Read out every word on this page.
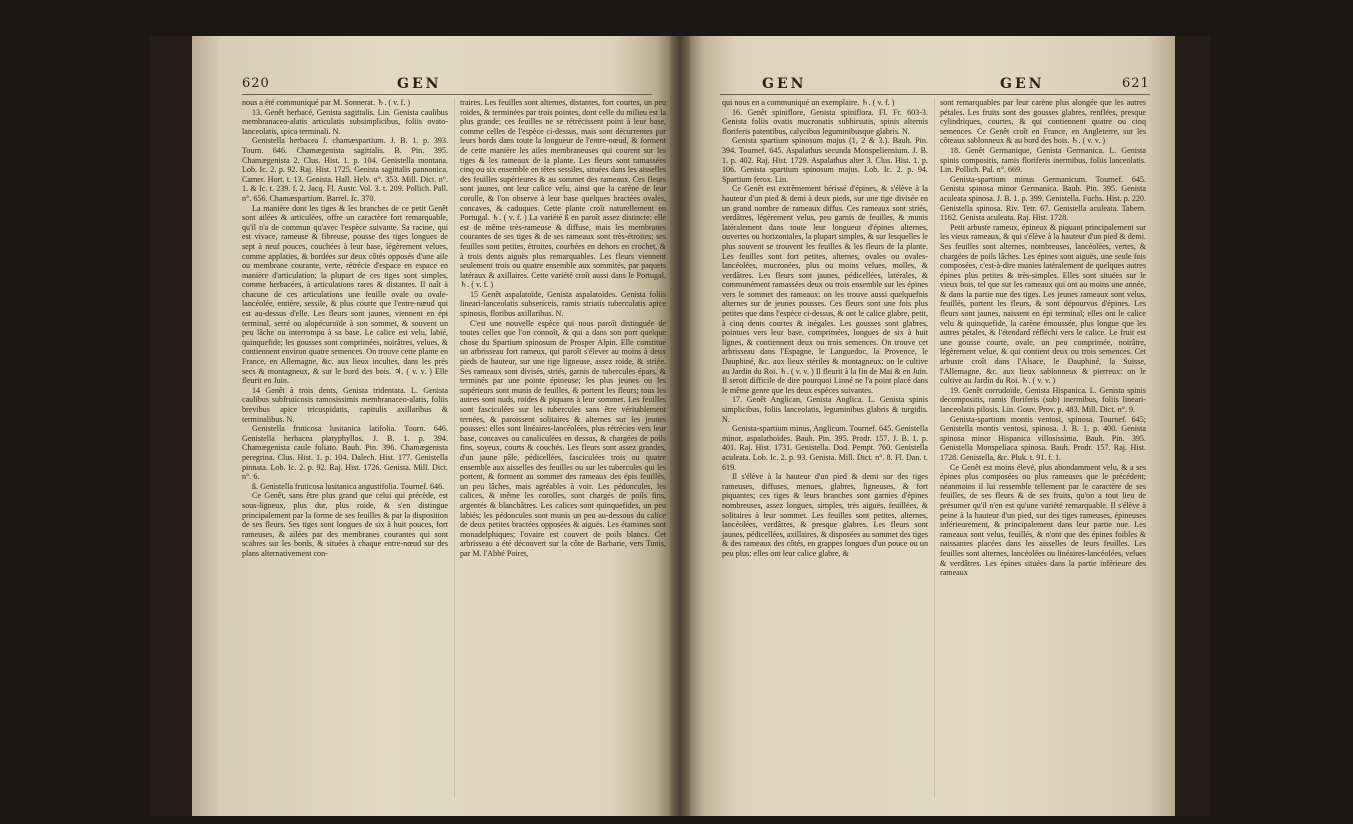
620	GEN

nous a été communiqué par M. Sonnerat. ♄. ( v. f. )

13. Genêt herbacé, Genista sagittalis. Lin. Genista caulibus membranaceo-alatis articulatis subsimplicibus, foliis ovato-lanceolatis, spica terminali. N.

Genistella herbacea f. chamæspartium. J. B. 1. p. 393. Tourn. 646. Chamægenista sagittalis. B. Pin. 395. Chamægenista 2. Clus. Hist. 1. p. 104. Genistella montana. Lob. Ic. 2. p. 92. Raj. Hist. 1725. Genista sagittalis pannonica. Camer. Hort. t. 13. Genista. Hall. Helv. n°. 353. Mill. Dict. n°. 1. & Ic. t. 239. f. 2. Jacq. Fl. Austr. Vol. 3. t. 209. Pollich. Pall. n°. 656. Chamæspartium. Barrel. Ic. 370.

La manière dont les tiges & les branches de ce petit Genêt sont ailées & articulées, offre un caractère fort remarquable, qu'il n'a de commun qu'avec l'espèce suivante. Sa racine, qui est vivace, rameuse & fibreuse, pousse des tiges longues de sept à neuf pouces, couchées à leur base, légèrement velues, comme applaties, & bordées sur deux côtés opposés d'une aile ou membrane courante, verte, rétrécie d'espace en espace en manière d'articulation; la plupart de ces tiges sont simples, comme herbacées, à articulations rares & distantes. Il naît à chacune de ces articulations une feuille ovale ou ovale-lancéolée, entière, sessile, & plus courte que l'entre-nœud qui est au-dessus d'elle. Les fleurs sont jaunes, viennent en épi terminal, serré ou alopécuroïde à son sommet, & souvent un peu lâche ou interrompu à sa base. Le calice est velu, labié, quinquefide; les gousses sont comprimées, noirâtres, velues, & contiennent environ quatre semences. On trouve cette plante en France, en Allemagne, &c. aux lieux incultes, dans les prés secs & montagneux, & sur le bord des bois. ♃. ( v. v. ) Elle fleurit en Juin.

14 Genêt à trois dents, Genista tridentata. L. Genista caulibus subfruticosis ramosissimis membranaceo-alatis, foliis brevibus apice tricuspidatis, capitulis axillaribus & terminalibus. N.

Genistella fruticosa lusitanica latifolia. Tourn. 646. Genistella herbacea platyphyllos. J. B. 1. p. 394. Chamægenista caule foliato. Bauh. Pin. 396. Chamægenista peregrina. Clus. Hist. 1. p. 104. Dalech. Hist. 177. Genistella pinnata. Lob. Ic. 2. p. 92. Raj. Hist. 1726. Genista. Mill. Dict. n°. 6.

ß. Genistella fruticosa lusitanica angustifolia. Tournef. 646.

Ce Genêt, sans être plus grand que celui qui précède, est sous-ligneux, plus dur, plus roide, & s'en distingue principalement par la forme de ses feuilles & par la disposition de ses fleurs. Ses tiges sont longues de six à huit pouces, fort rameuses, & ailées par des membranes courantes qui sont scabres sur les bords, & situées à chaque entre-nœud sur des plans alternativement con-

traires. Les feuilles sont alternes, distantes, fort courtes, un peu roides, & terminées par trois pointes, dont celle du milieu est la plus grande; ces feuilles ne se rétrécissent point à leur base, comme celles de l'espèce ci-dessus, mais sont décurrentes par leurs bords dans toute la longueur de l'entre-nœud, & forment de cette manière les ailes membraneuses qui courent sur les tiges & les rameaux de la plante. Les fleurs sont ramassées cinq ou six ensemble en têtes sessiles, situées dans les aisselles des feuilles supérieures & au sommet des rameaux. Ces fleurs sont jaunes, ont leur calice velu, ainsi que la carène de leur corolle, & l'on observe à leur base quelques bractées ovales, concaves, & caduques. Cette plante croît naturellement en Portugal. ♄. ( v. f. ) La variété ß en paroît assez distincte: elle est de même très-rameuse & diffuse, mais les membranes courantes de ses tiges & de ses rameaux sont très-étroites; ses feuilles sont petites, étroites, courbées en dehors en crochet, & à trois dents aiguës plus remarquables. Les fleurs viennent seulement trois ou quatre ensemble aux sommités, par paquets latéraux & axillaires. Cette variété croît aussi dans le Portugal. ♄. ( v. f. )

15 Genêt aspalatoïde, Genista aspalatoïdes. Genista foliis lineari-lanceolatis subsericeis, ramis striatis tuberculatis apice spinosis, floribus axillaribus. N.

C'est une nouvelle espèce qui nous paroît distinguée de toutes celles que l'on connoît, & qui a dans son port quelque chose du Spartium spinosum de Prosper Alpin. Elle constitue un arbrisseau fort rameux, qui paroît s'élever au moins à deux pieds de hauteur, sur une tige ligneuse, assez roide, & striée. Ses rameaux sont divisés, striés, garnis de tubercules épars, & terminés par une pointe épineuse; les plus jeunes ou les supérieurs sont munis de feuilles, & portent les fleurs; tous les autres sont nuds, roides & piquans à leur sommet. Les feuilles sont fasciculées sur les tubercules sans être véritablement ternées, & paroissent solitaires & alternes sur les jeunes pousses: elles sont linéaires-lancéolées, plus rétrécies vers leur base, concaves ou canaliculées en dessus, & chargées de poils fins, soyeux, courts & couchés. Les fleurs sont assez grandes, d'un jaune pâle, pédicellées, fasciculées trois ou quatre ensemble aux aisselles des feuilles ou sur les tubercules qui les portent, & forment au sommet des rameaux des épis feuillés, un peu lâches, mais agréables à voir. Les pédoncules, les calices, & même les corolles, sont chargés de poils fins, argentés & blanchâtres. Les calices sont quinquefides, un peu labiés; les pédoncules sont munis un peu au-dessous du calice de deux petites bractées opposées & aiguës. Les étamines sont monadelphiques; l'ovaire est couvert de poils blancs. Cet arbrisseau a été découvert sur la côte de Barbarie, vers Tunis, par M. l'Abbé Poiret,

GEN	GEN	621

qui nous en a communiqué un exemplaire. ♄. ( v. f. )

16. Genêt spiniflore, Genista spiniflora. Fl. Fr. 603-3. Genista foliis ovatis mucronatis subhirsutis, spinis alternis floriferis patentibus, calycibus leguminibusque glabris. N.

Genista spartium spinosum majus (1, 2 & 3.). Bauh. Pin. 394. Tournef. 645. Aspalathus secunda Monspeliensium. J. B. 1. p. 402. Raj. Hist. 1729. Aspalathus alter 3. Clus. Hist. 1. p. 106. Genista spartium spinosum majus. Lob. Ic. 2. p. 94. Spartium ferox. Lin.

Ce Genêt est extrêmement hérissé d'épines, & s'élève à la hauteur d'un pied & demi à deux pieds, sur une tige divisée en un grand nombre de rameaux diffus. Ces rameaux sont striés, verdâtres, légèrement velus, peu garnis de feuilles, & munis latéralement dans toute leur longueur d'épines alternes, ouvertes ou horizontales, la plupart simples, & sur lesquelles le plus souvent se trouvent les feuilles & les fleurs de la plante. Les feuilles sont fort petites, alternes, ovales ou ovales-lancéolées, mucronées, plus ou moins velues, molles, & verdâtres. Les fleurs sont jaunes, pédicellées, latérales, & communément ramassées deux ou trois ensemble sur les épines vers le sommet des rameaux: on les trouve aussi quelquefois alternes sur de jeunes pousses. Ces fleurs sont une fois plus petites que dans l'espèce ci-dessus, & ont le calice glabre, petit, à cinq dents courtes & inégales. Les gousses sont glabres, pointues vers leur base, comprimées, longues de six à huit lignes, & contiennent deux ou trois semences. On trouve cet arbrisseau dans l'Espagne, le Languedoc, la Provence, le Dauphiné, &c. aux lieux stériles & montagneux: on le cultive au Jardin du Roi. ♄. ( v. v. ) Il fleurit à la fin de Mai & en Juin. Il seroit difficile de dire pourquoi Linné ne l'a point placé dans le même genre que les deux espèces suivantes.

17. Genêt Anglican, Genista Anglica. L. Genista spinis simplicibus, foliis lanceolatis, leguminibus glabris & turgidis. N.

Genista-spartium minus, Anglicum. Tournef. 645. Genistella minor, aspalathoïdes. Bauh. Pin. 395. Prodr. 157. J. B. 1. p. 401. Raj. Hist. 1731. Genistella. Dod. Pempt. 760. Genistella aculeata. Lob. Ic. 2. p. 93. Genista. Mill. Dict. n°. 8. Fl. Dan. t. 619.

Il s'élève à la hauteur d'un pied & demi sur des tiges rameuses, diffuses, menues, glabres, ligneuses, & fort piquantes; ces tiges & leurs branches sont garnies d'épines nombreuses, assez longues, simples, très aiguës, feuillées, & solitaires à leur sommet. Les feuilles sont petites, alternes, lancéolées, verdâtres, & presque glabres. Les fleurs sont jaunes, pédicellées, axillaires, & disposées au sommet des tiges & des rameaux des côtés, en grappes longues d'un pouce ou un peu plus: elles ont leur calice glabre, &

sont remarquables par leur carène plus alongée que les autres pétales. Les fruits sont des gousses glabres, renflées, presque cylindriques, courtes, & qui contiennent quatre ou cinq semences. Ce Genêt croît en France, en Angleterre, sur les côteaux sablonneux & au bord des bois. ♄. ( v. v. )

18. Genêt Germanique, Genista Germanica. L. Genista spinis compositis, ramis floriferis inermibus, foliis lanceolatis. Lin. Pollich. Pal. n°. 669.

Genista-spartium minus Germanicum. Tournef. 645. Genista spinosa minor Germanica. Bauh. Pin. 395. Genista aculeata spinosa. J. B. 1. p. 399. Genistella. Fuchs. Hist. p. 220. Genistella spinosa. Riv. Tetr. 67. Genistella aculeata. Tabern. 1162. Genista aculeata. Raj. Hist. 1728.

Petit arbuste rameux, épineux & piquant principalement sur les vieux rameaux, & qui s'élève à la hauteur d'un pied & demi. Ses feuilles sont alternes, nombreuses, lancéolées, vertes, & chargées de poils lâches. Les épines sont aiguës, une seule fois composées, c'est-à-dire munies latéralement de quelques autres épines plus petites & très-simples. Elles sont situées sur le vieux bois, tel que sur les rameaux qui ont au moins une année, & dans la partie nue des tiges. Les jeunes rameaux sont velus, feuillés, portent les fleurs, & sont dépourvus d'épines. Les fleurs sont jaunes, naissent en épi terminal; elles ont le calice velu & quinquefide, la carène émoussée, plus longue que les autres pétales, & l'étendard réfléchi vers le calice. Le fruit est une gousse courte, ovale, un peu comprimée, noirâtre, légèrement velue, & qui contient deux ou trois semences. Cet arbuste croît dans l'Alsace, le Dauphiné, la Suisse, l'Allemagne, &c. aux lieux sablonneux & pierreux: on le cultive au Jardin du Roi. ♄. ( v. v. )

19. Genêt corrudoïde, Genista Hispanica. L. Genista spinis decompositis, ramis floriferis (sub) inermibus, foliis lineari-lanceolatis pilosis. Lin. Gouv. Prov. p. 483. Mill. Dict. n°. 9.

Genista-spartium montis ventosi, spinosa. Tournef. 645; Genistella montis ventosi, spinosa. J. B. 1. p. 400. Genista spinosa minor Hispanica villosissima. Bauh. Pin. 395. Genistella Monspeliaca spinosa. Bauh. Prodr. 157. Raj. Hist. 1728. Genistella, &c. Pluk. t. 91. f. 1.

Ce Genêt est moins élevé, plus abondamment velu, & a ses épines plus composées ou plus rameuses que le précédent; néanmoins il lui ressemble tellement par le caractère de ses feuilles, de ses fleurs & de ses fruits, qu'on a tout lieu de présumer qu'il n'en est qu'une variété remarquable. Il s'élève à peine à la hauteur d'un pied, sur des tiges rameuses, épineuses inférieurement, & principalement dans leur partie nue. Les rameaux sont velus, feuillés, & n'ont que des épines foibles & naissantes placées dans les aisselles de leurs feuilles. Les feuilles sont alternes, lancéolées ou linéaires-lancéolées, velues & verdâtres. Les épines situées dans la partie inférieure des rameaux
